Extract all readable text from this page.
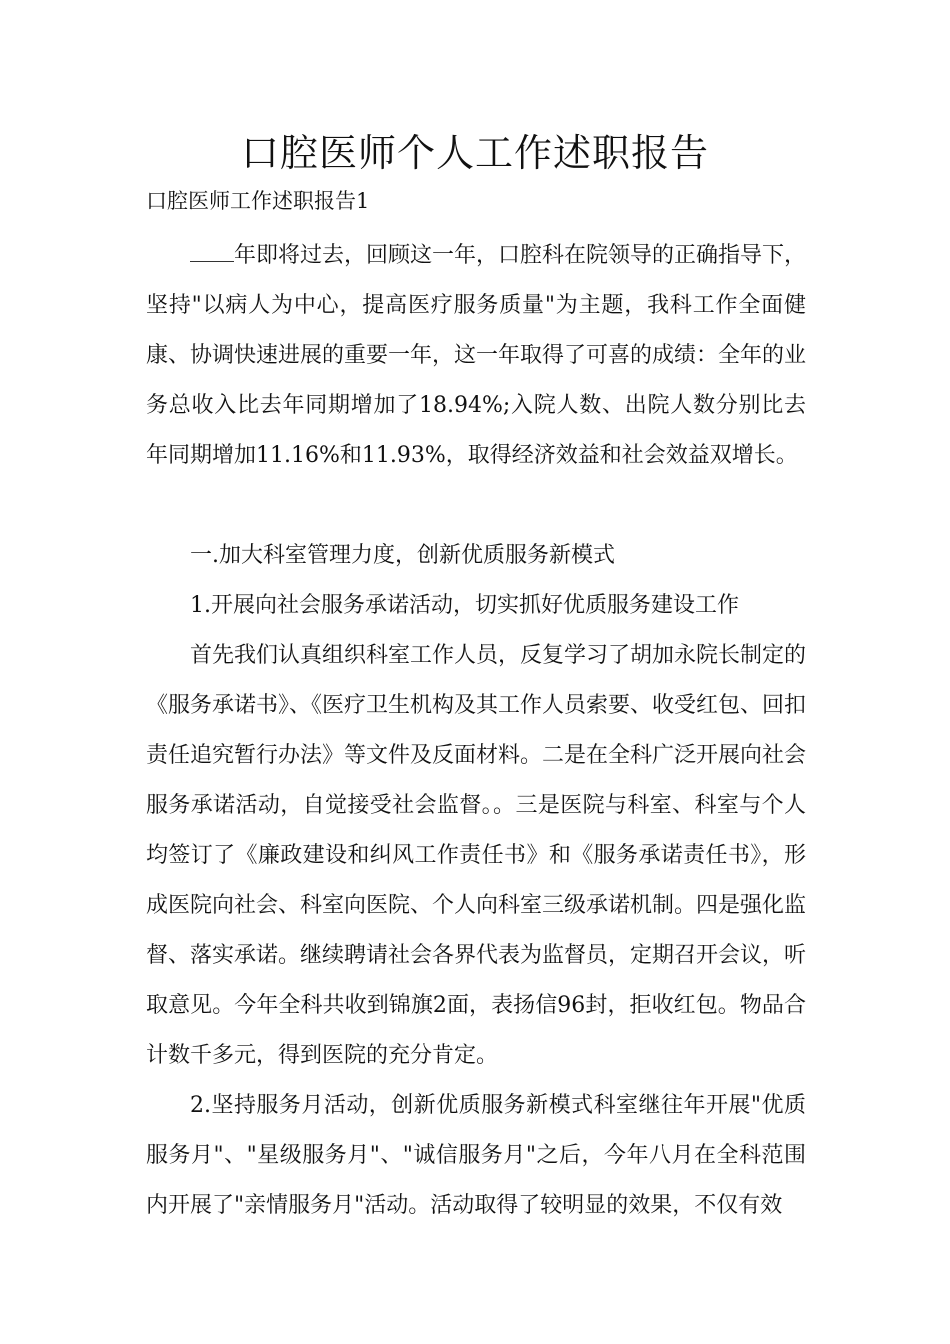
口腔医师个人工作述职报告

口腔医师工作述职报告1

年即将过去，回顾这一年，口腔科在院领导的正确指导下，坚持"以病人为中心，提高医疗服务质量"为主题，我科工作全面健康、协调快速进展的重要一年，这一年取得了可喜的成绩：全年的业务总收入比去年同期增加了18.94%;入院人数、出院人数分别比去年同期增加11.16%和11.93%，取得经济效益和社会效益双增长。

一.加大科室管理力度，创新优质服务新模式

1.开展向社会服务承诺活动，切实抓好优质服务建设工作

首先我们认真组织科室工作人员，反复学习了胡加永院长制定的《服务承诺书》、《医疗卫生机构及其工作人员索要、收受红包、回扣责任追究暂行办法》等文件及反面材料。二是在全科广泛开展向社会服务承诺活动，自觉接受社会监督。。三是医院与科室、科室与个人均签订了《廉政建设和纠风工作责任书》和《服务承诺责任书》，形成医院向社会、科室向医院、个人向科室三级承诺机制。四是强化监督、落实承诺。继续聘请社会各界代表为监督员，定期召开会议，听取意见。今年全科共收到锦旗2面，表扬信96封，拒收红包。物品合计数千多元，得到医院的充分肯定。

2.坚持服务月活动，创新优质服务新模式科室继往年开展"优质服务月"、"星级服务月"、"诚信服务月"之后，今年八月在全科范围内开展了"亲情服务月"活动。活动取得了较明显的效果，不仅有效
